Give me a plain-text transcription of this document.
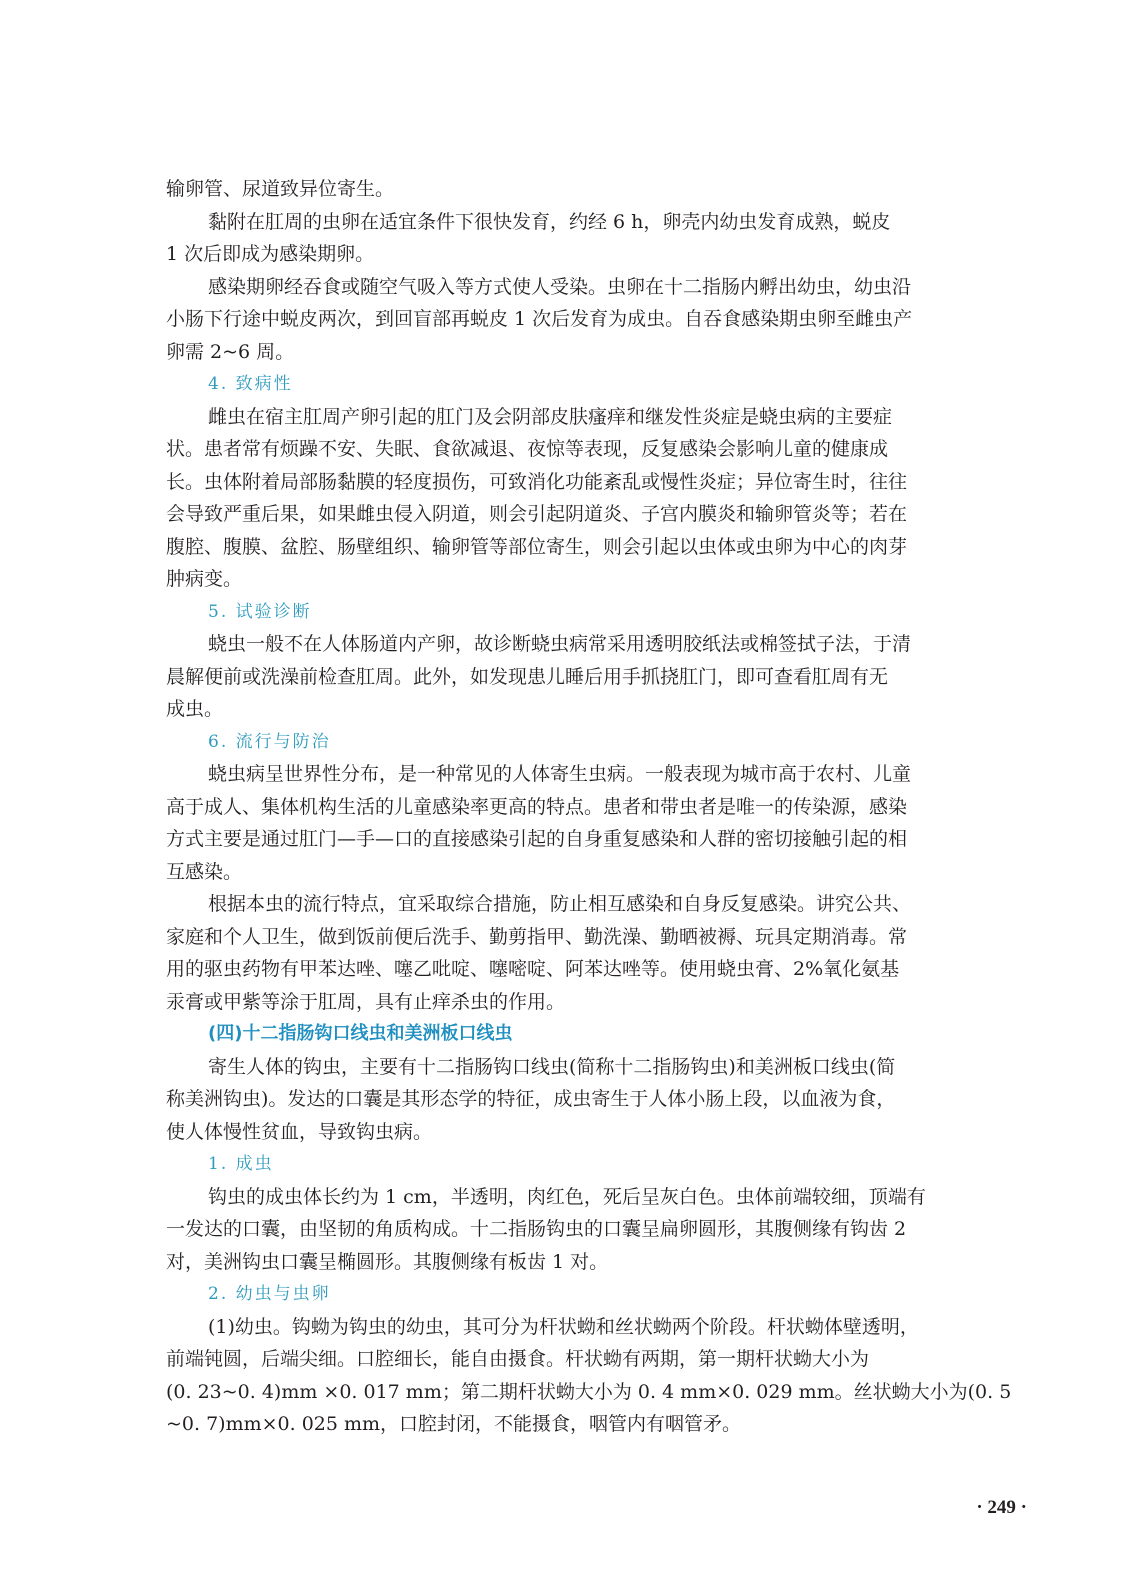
输卵管、尿道致异位寄生。

黏附在肛周的虫卵在适宜条件下很快发育，约经 6 h，卵壳内幼虫发育成熟，蜕皮

1 次后即成为感染期卵。

感染期卵经吞食或随空气吸入等方式使人受染。虫卵在十二指肠内孵出幼虫，幼虫沿

小肠下行途中蜕皮两次，到回盲部再蜕皮 1 次后发育为成虫。自吞食感染期虫卵至雌虫产

卵需 2~6 周。

4. 致病性

雌虫在宿主肛周产卵引起的肛门及会阴部皮肤瘙痒和继发性炎症是蛲虫病的主要症

状。患者常有烦躁不安、失眠、食欲减退、夜惊等表现，反复感染会影响儿童的健康成

长。虫体附着局部肠黏膜的轻度损伤，可致消化功能紊乱或慢性炎症；异位寄生时，往往

会导致严重后果，如果雌虫侵入阴道，则会引起阴道炎、子宫内膜炎和输卵管炎等；若在

腹腔、腹膜、盆腔、肠壁组织、输卵管等部位寄生，则会引起以虫体或虫卵为中心的肉芽

肿病变。

5. 试验诊断

蛲虫一般不在人体肠道内产卵，故诊断蛲虫病常采用透明胶纸法或棉签拭子法，于清

晨解便前或洗澡前检查肛周。此外，如发现患儿睡后用手抓挠肛门，即可查看肛周有无

成虫。

6. 流行与防治

蛲虫病呈世界性分布，是一种常见的人体寄生虫病。一般表现为城市高于农村、儿童

高于成人、集体机构生活的儿童感染率更高的特点。患者和带虫者是唯一的传染源，感染

方式主要是通过肛门—手—口的直接感染引起的自身重复感染和人群的密切接触引起的相

互感染。

根据本虫的流行特点，宜采取综合措施，防止相互感染和自身反复感染。讲究公共、

家庭和个人卫生，做到饭前便后洗手、勤剪指甲、勤洗澡、勤晒被褥、玩具定期消毒。常

用的驱虫药物有甲苯达唑、噻乙吡啶、噻嘧啶、阿苯达唑等。使用蛲虫膏、2%氧化氨基

汞膏或甲紫等涂于肛周，具有止痒杀虫的作用。

(四)十二指肠钩口线虫和美洲板口线虫

寄生人体的钩虫，主要有十二指肠钩口线虫(简称十二指肠钩虫)和美洲板口线虫(简

称美洲钩虫)。发达的口囊是其形态学的特征，成虫寄生于人体小肠上段，以血液为食，

使人体慢性贫血，导致钩虫病。

1. 成虫

钩虫的成虫体长约为 1 cm，半透明，肉红色，死后呈灰白色。虫体前端较细，顶端有

一发达的口囊，由坚韧的角质构成。十二指肠钩虫的口囊呈扁卵圆形，其腹侧缘有钩齿 2

对，美洲钩虫口囊呈椭圆形。其腹侧缘有板齿 1 对。

2. 幼虫与虫卵

(1)幼虫。钩蚴为钩虫的幼虫，其可分为杆状蚴和丝状蚴两个阶段。杆状蚴体壁透明，

前端钝圆，后端尖细。口腔细长，能自由摄食。杆状蚴有两期，第一期杆状蚴大小为

(0. 23~0. 4)mm ×0. 017 mm；第二期杆状蚴大小为 0. 4 mm×0. 029 mm。丝状蚴大小为(0. 5

~0. 7)mm×0. 025 mm，口腔封闭，不能摄食，咽管内有咽管矛。

· 249 ·
